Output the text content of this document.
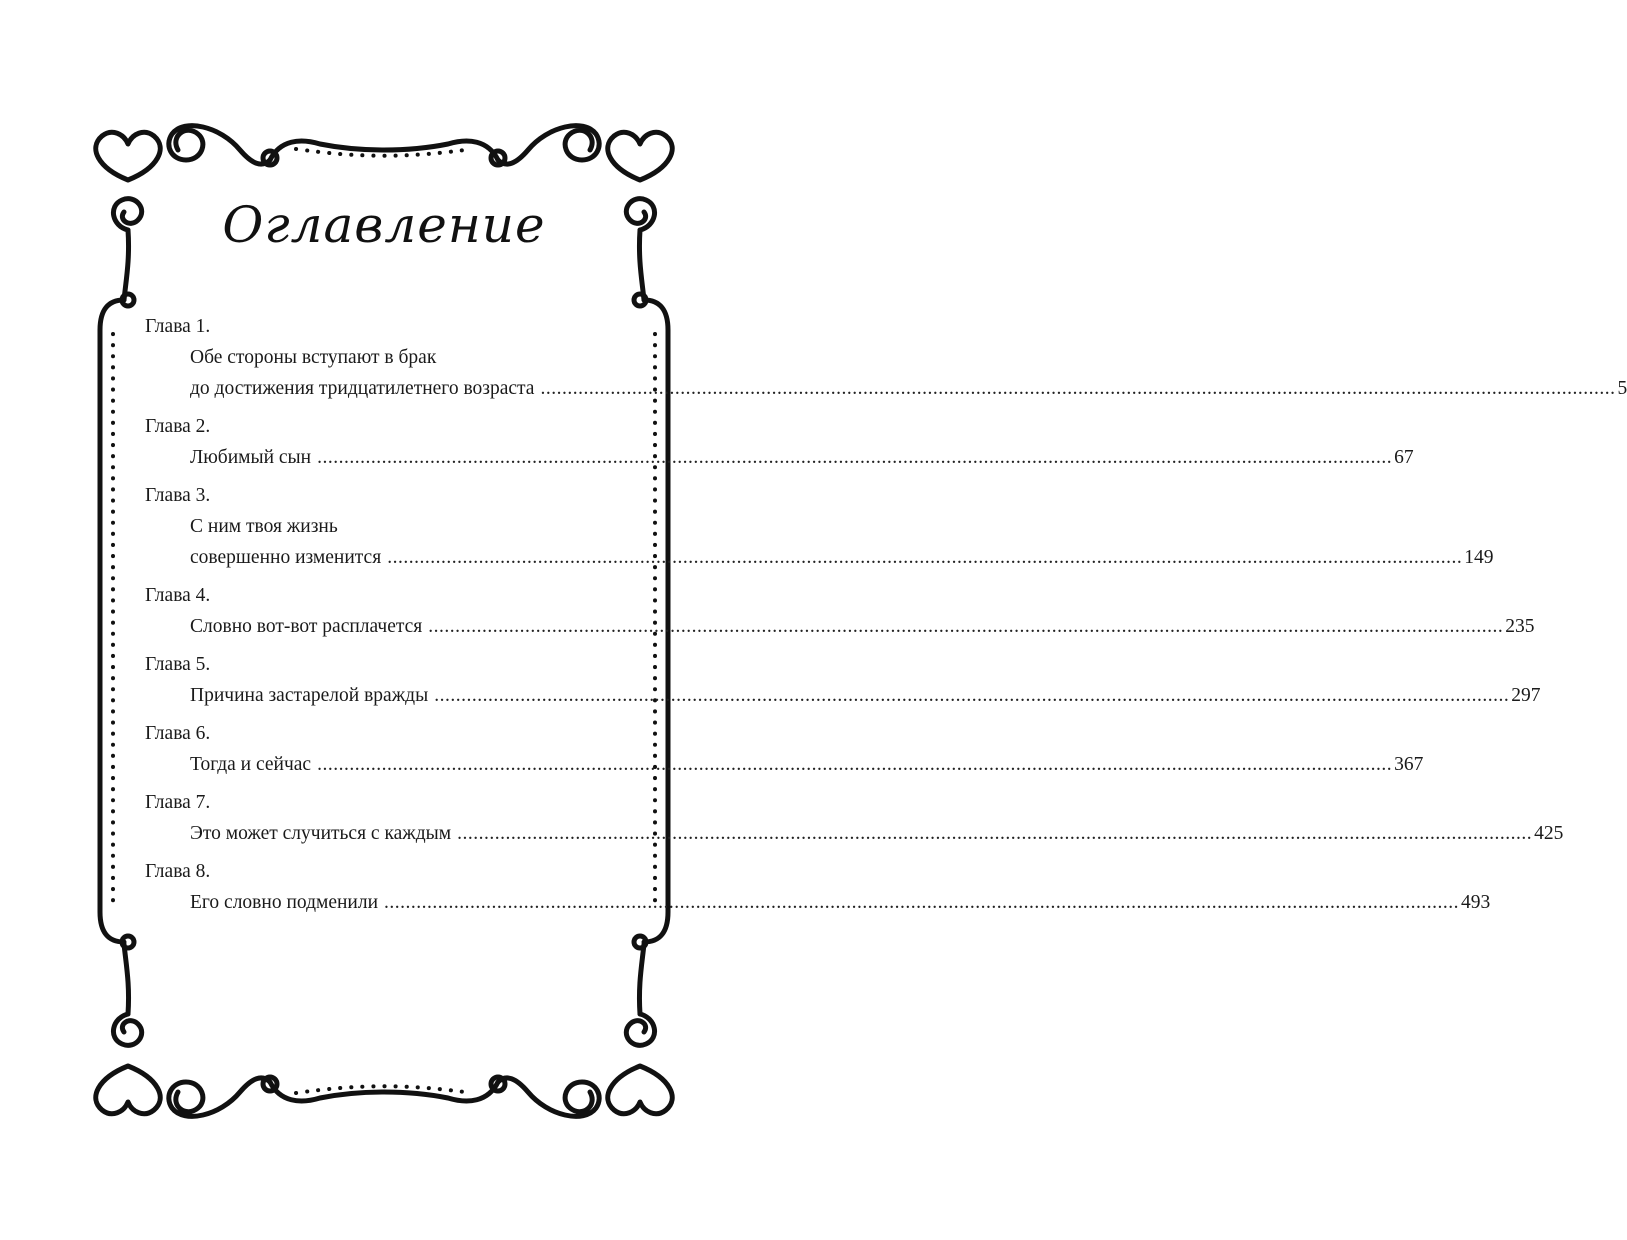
Оглавление
Глава 1.
Обе стороны вступают в брак
до достижения тридцатилетнего возраста ........................................................................................................................................................................................................ 5
Глава 2.
Любимый сын ........................................................................................................................................................................................................ 67
Глава 3.
С ним твоя жизнь
совершенно изменится ........................................................................................................................................................................................................ 149
Глава 4.
Словно вот-вот расплачется ........................................................................................................................................................................................................ 235
Глава 5.
Причина застарелой вражды ........................................................................................................................................................................................................ 297
Глава 6.
Тогда и сейчас ........................................................................................................................................................................................................ 367
Глава 7.
Это может случиться с каждым ........................................................................................................................................................................................................ 425
Глава 8.
Его словно подменили ........................................................................................................................................................................................................ 493
